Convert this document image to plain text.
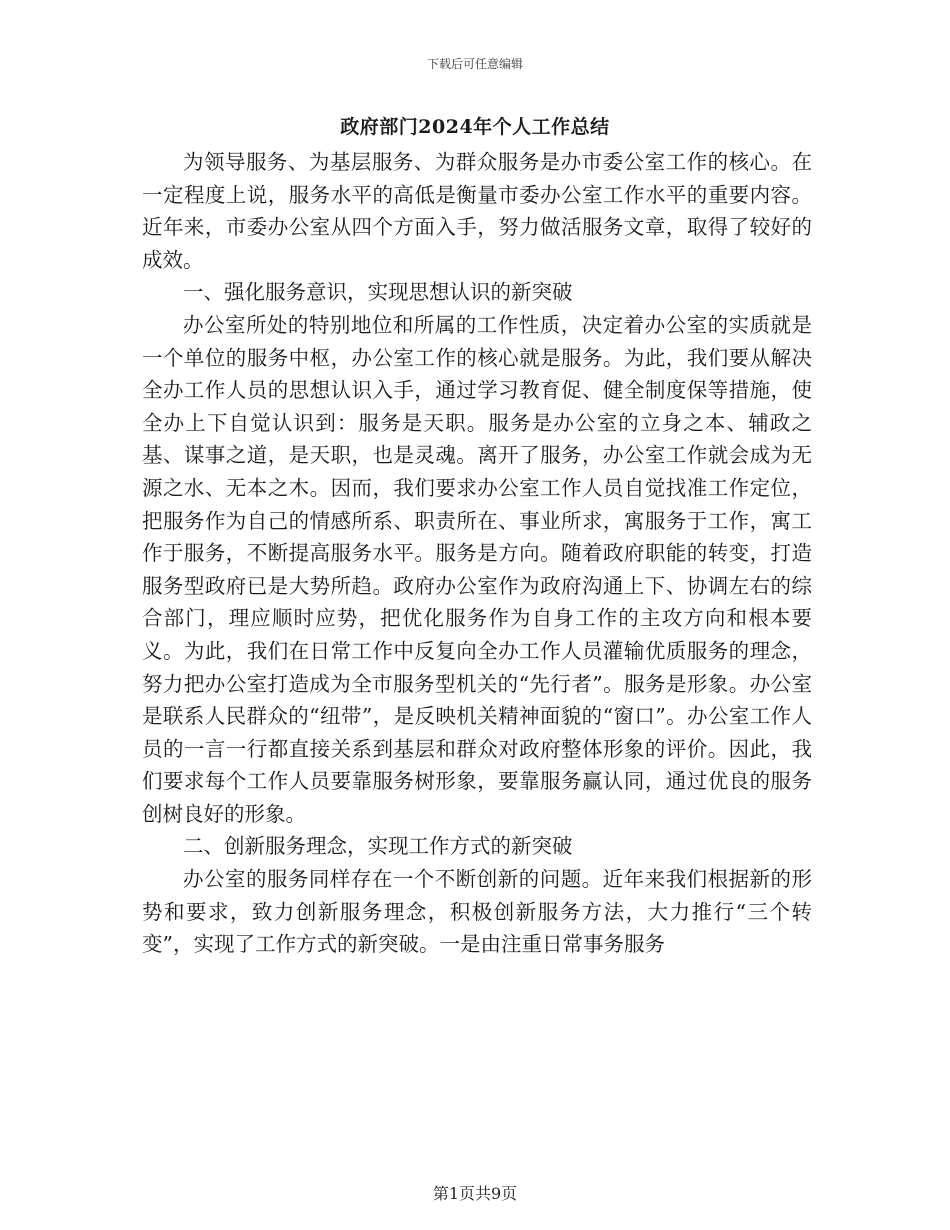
下载后可任意编辑
政府部门2024年个人工作总结

为领导服务、为基层服务、为群众服务是办市委公室工作的核心。在一定程度上说，服务水平的高低是衡量市委办公室工作水平的重要内容。近年来，市委办公室从四个方面入手，努力做活服务文章，取得了较好的成效。

一、强化服务意识，实现思想认识的新突破

办公室所处的特别地位和所属的工作性质，决定着办公室的实质就是一个单位的服务中枢，办公室工作的核心就是服务。为此，我们要从解决全办工作人员的思想认识入手，通过学习教育促、健全制度保等措施，使全办上下自觉认识到：服务是天职。服务是办公室的立身之本、辅政之基、谋事之道，是天职，也是灵魂。离开了服务，办公室工作就会成为无源之水、无本之木。因而，我们要求办公室工作人员自觉找准工作定位，把服务作为自己的情感所系、职责所在、事业所求，寓服务于工作，寓工作于服务，不断提高服务水平。服务是方向。随着政府职能的转变，打造服务型政府已是大势所趋。政府办公室作为政府沟通上下、协调左右的综合部门，理应顺时应势，把优化服务作为自身工作的主攻方向和根本要义。为此，我们在日常工作中反复向全办工作人员灌输优质服务的理念，努力把办公室打造成为全市服务型机关的“先行者”。服务是形象。办公室是联系人民群众的“纽带”，是反映机关精神面貌的“窗口”。办公室工作人员的一言一行都直接关系到基层和群众对政府整体形象的评价。因此，我们要求每个工作人员要靠服务树形象，要靠服务赢认同，通过优良的服务创树良好的形象。

二、创新服务理念，实现工作方式的新突破

办公室的服务同样存在一个不断创新的问题。近年来我们根据新的形势和要求，致力创新服务理念，积极创新服务方法，大力推行“三个转变”，实现了工作方式的新突破。一是由注重日常事务服务

第1页共9页
